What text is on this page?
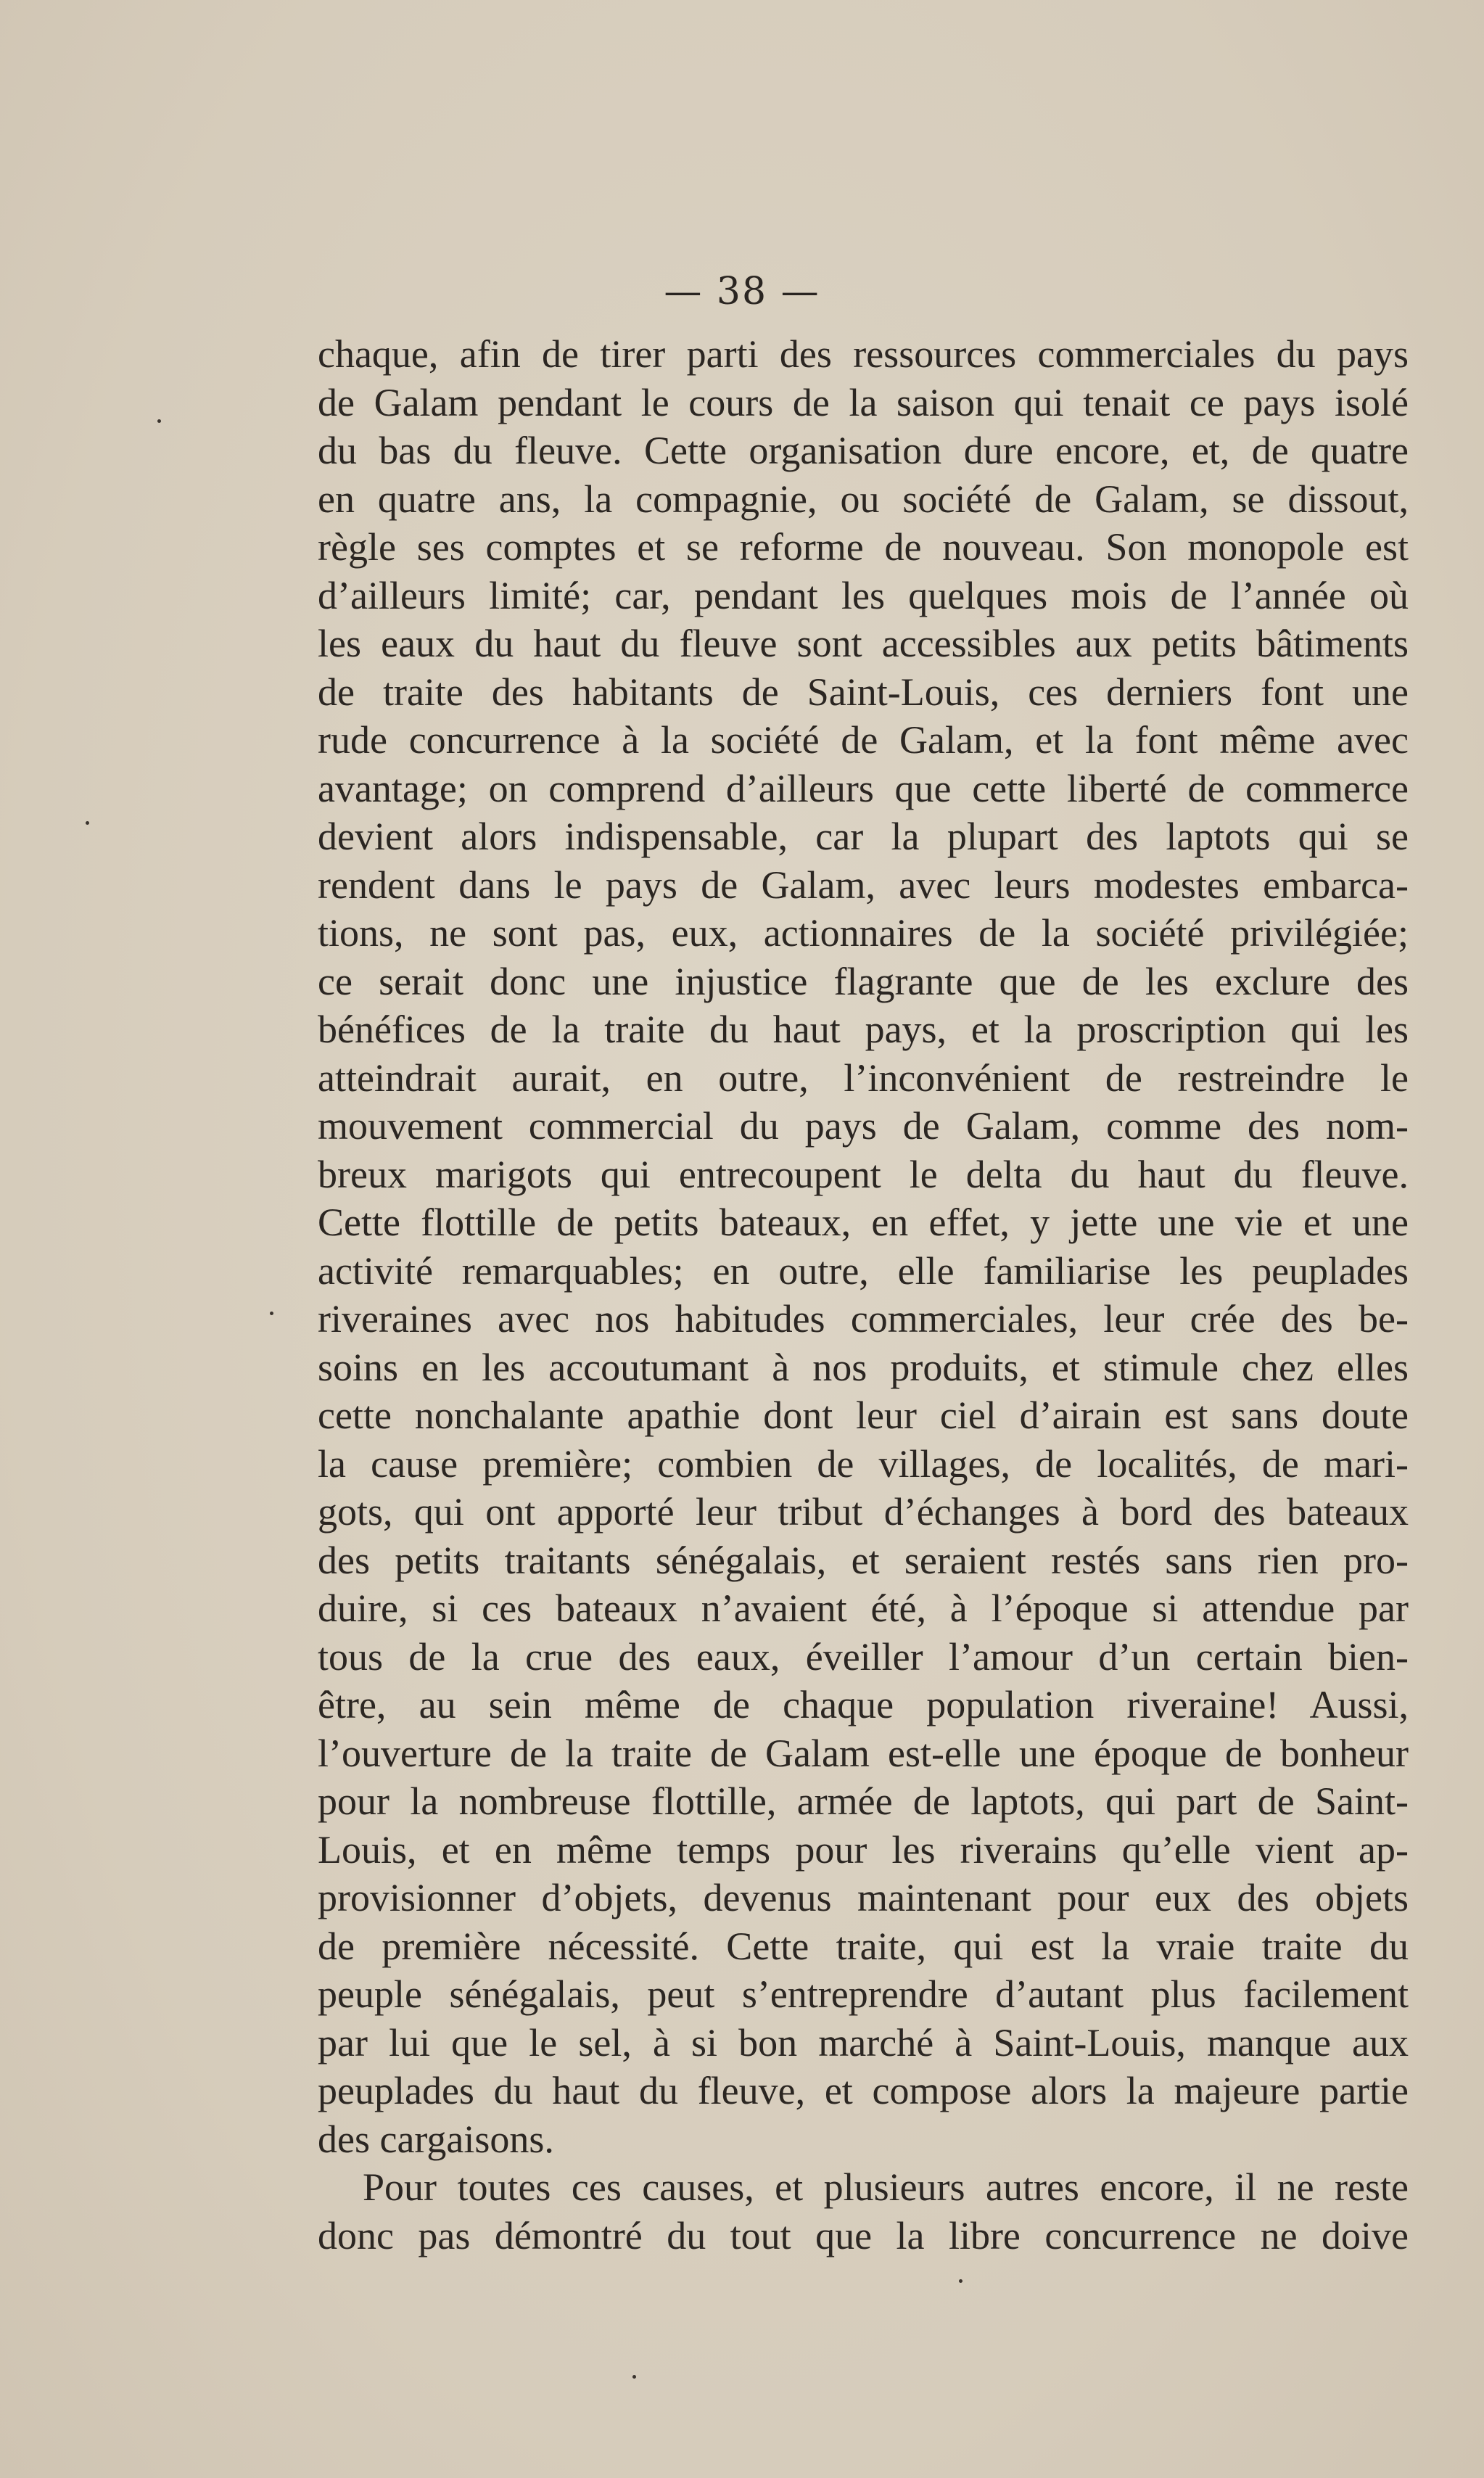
— 38 —
chaque, afin de tirer parti des ressources commerciales du pays
de Galam pendant le cours de la saison qui tenait ce pays isolé
du bas du fleuve. Cette organisation dure encore, et, de quatre
en quatre ans, la compagnie, ou société de Galam, se dissout,
règle ses comptes et se reforme de nouveau. Son monopole est
d’ailleurs limité; car, pendant les quelques mois de l’année où
les eaux du haut du fleuve sont accessibles aux petits bâtiments
de traite des habitants de Saint-Louis, ces derniers font une
rude concurrence à la société de Galam, et la font même avec
avantage; on comprend d’ailleurs que cette liberté de commerce
devient alors indispensable, car la plupart des laptots qui se
rendent dans le pays de Galam, avec leurs modestes embarca-
tions, ne sont pas, eux, actionnaires de la société privilégiée;
ce serait donc une injustice flagrante que de les exclure des
bénéfices de la traite du haut pays, et la proscription qui les
atteindrait aurait, en outre, l’inconvénient de restreindre le
mouvement commercial du pays de Galam, comme des nom-
breux marigots qui entrecoupent le delta du haut du fleuve.
Cette flottille de petits bateaux, en effet, y jette une vie et une
activité remarquables; en outre, elle familiarise les peuplades
riveraines avec nos habitudes commerciales, leur crée des be-
soins en les accoutumant à nos produits, et stimule chez elles
cette nonchalante apathie dont leur ciel d’airain est sans doute
la cause première; combien de villages, de localités, de mari-
gots, qui ont apporté leur tribut d’échanges à bord des bateaux
des petits traitants sénégalais, et seraient restés sans rien pro-
duire, si ces bateaux n’avaient été, à l’époque si attendue par
tous de la crue des eaux, éveiller l’amour d’un certain bien-
être, au sein même de chaque population riveraine! Aussi,
l’ouverture de la traite de Galam est-elle une époque de bonheur
pour la nombreuse flottille, armée de laptots, qui part de Saint-
Louis, et en même temps pour les riverains qu’elle vient ap-
provisionner d’objets, devenus maintenant pour eux des objets
de première nécessité. Cette traite, qui est la vraie traite du
peuple sénégalais, peut s’entreprendre d’autant plus facilement
par lui que le sel, à si bon marché à Saint-Louis, manque aux
peuplades du haut du fleuve, et compose alors la majeure partie
des cargaisons.
Pour toutes ces causes, et plusieurs autres encore, il ne reste
donc pas démontré du tout que la libre concurrence ne doive
